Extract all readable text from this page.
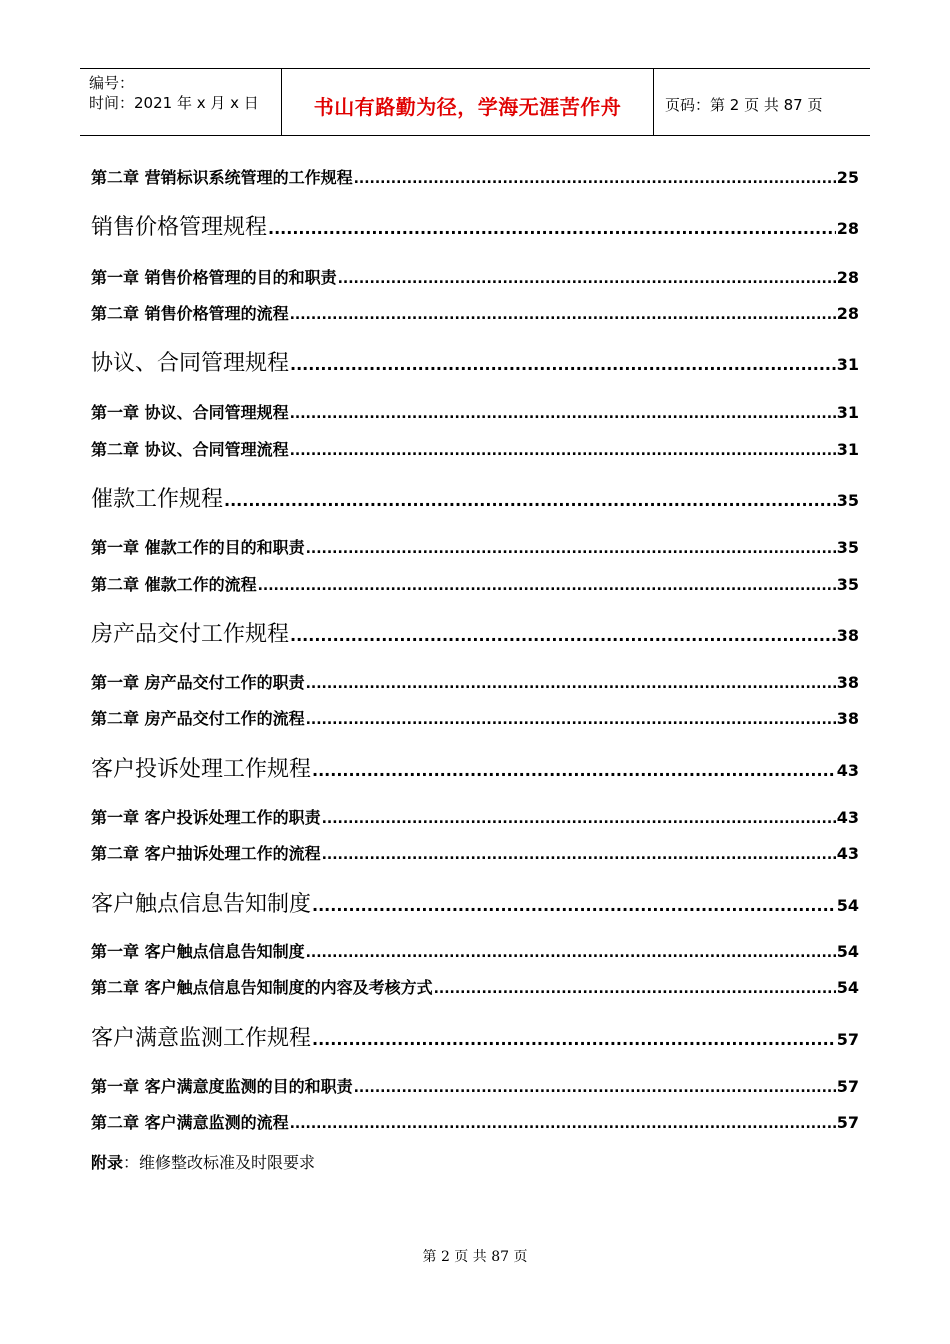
编号：
时间：2021 年 x 月 x 日	书山有路勤为径，学海无涯苦作舟	页码：第 2 页 共 87 页
第二章 营销标识系统管理的工作规程 .....	25
销售价格管理规程 .....	28
第一章 销售价格管理的目的和职责 .....	28
第二章 销售价格管理的流程 .....	28
协议、合同管理规程 .....	31
第一章 协议、合同管理规程 .....	31
第二章 协议、合同管理流程 .....	31
催款工作规程 .....	35
第一章 催款工作的目的和职责 .....	35
第二章 催款工作的流程 .....	35
房产品交付工作规程 .....	38
第一章 房产品交付工作的职责 .....	38
第二章 房产品交付工作的流程 .....	38
客户投诉处理工作规程 .....	43
第一章 客户投诉处理工作的职责 .....	43
第二章 客户抽诉处理工作的流程 .....	43
客户触点信息告知制度 .....	54
第一章 客户触点信息告知制度 .....	54
第二章 客户触点信息告知制度的内容及考核方式 .....	54
客户满意监测工作规程 .....	57
第一章 客户满意度监测的目的和职责 .....	57
第二章 客户满意监测的流程 .....	57
附录：维修整改标准及时限要求
第 2 页 共 87 页
